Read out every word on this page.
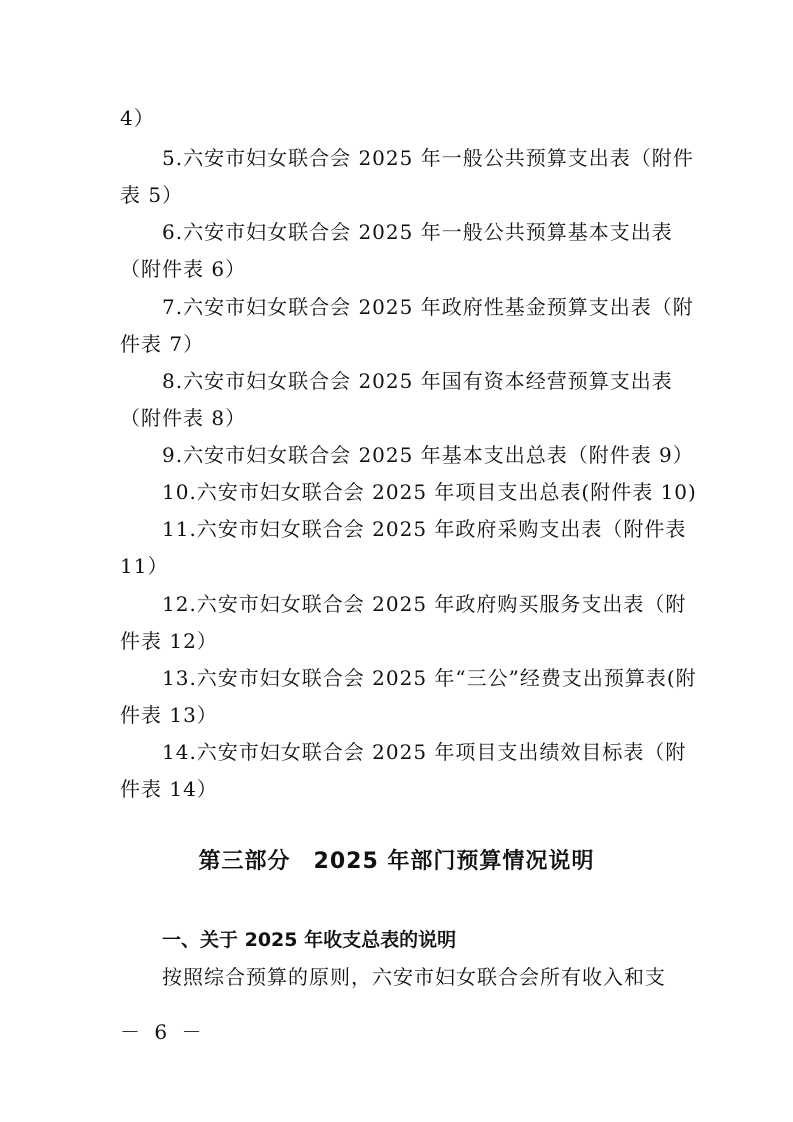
4）
5.六安市妇女联合会 2025 年一般公共预算支出表（附件
表 5）
6.六安市妇女联合会 2025 年一般公共预算基本支出表
（附件表 6）
7.六安市妇女联合会 2025 年政府性基金预算支出表（附
件表 7）
8.六安市妇女联合会 2025 年国有资本经营预算支出表
（附件表 8）
9.六安市妇女联合会 2025 年基本支出总表（附件表 9）
10.六安市妇女联合会 2025 年项目支出总表(附件表 10)
11.六安市妇女联合会 2025 年政府采购支出表（附件表
11）
12.六安市妇女联合会 2025 年政府购买服务支出表（附
件表 12）
13.六安市妇女联合会 2025 年“三公”经费支出预算表(附
件表 13）
14.六安市妇女联合会 2025 年项目支出绩效目标表（附
件表 14）
第三部分　2025 年部门预算情况说明
一、关于 2025 年收支总表的说明
按照综合预算的原则，六安市妇女联合会所有收入和支
－ 6 －
